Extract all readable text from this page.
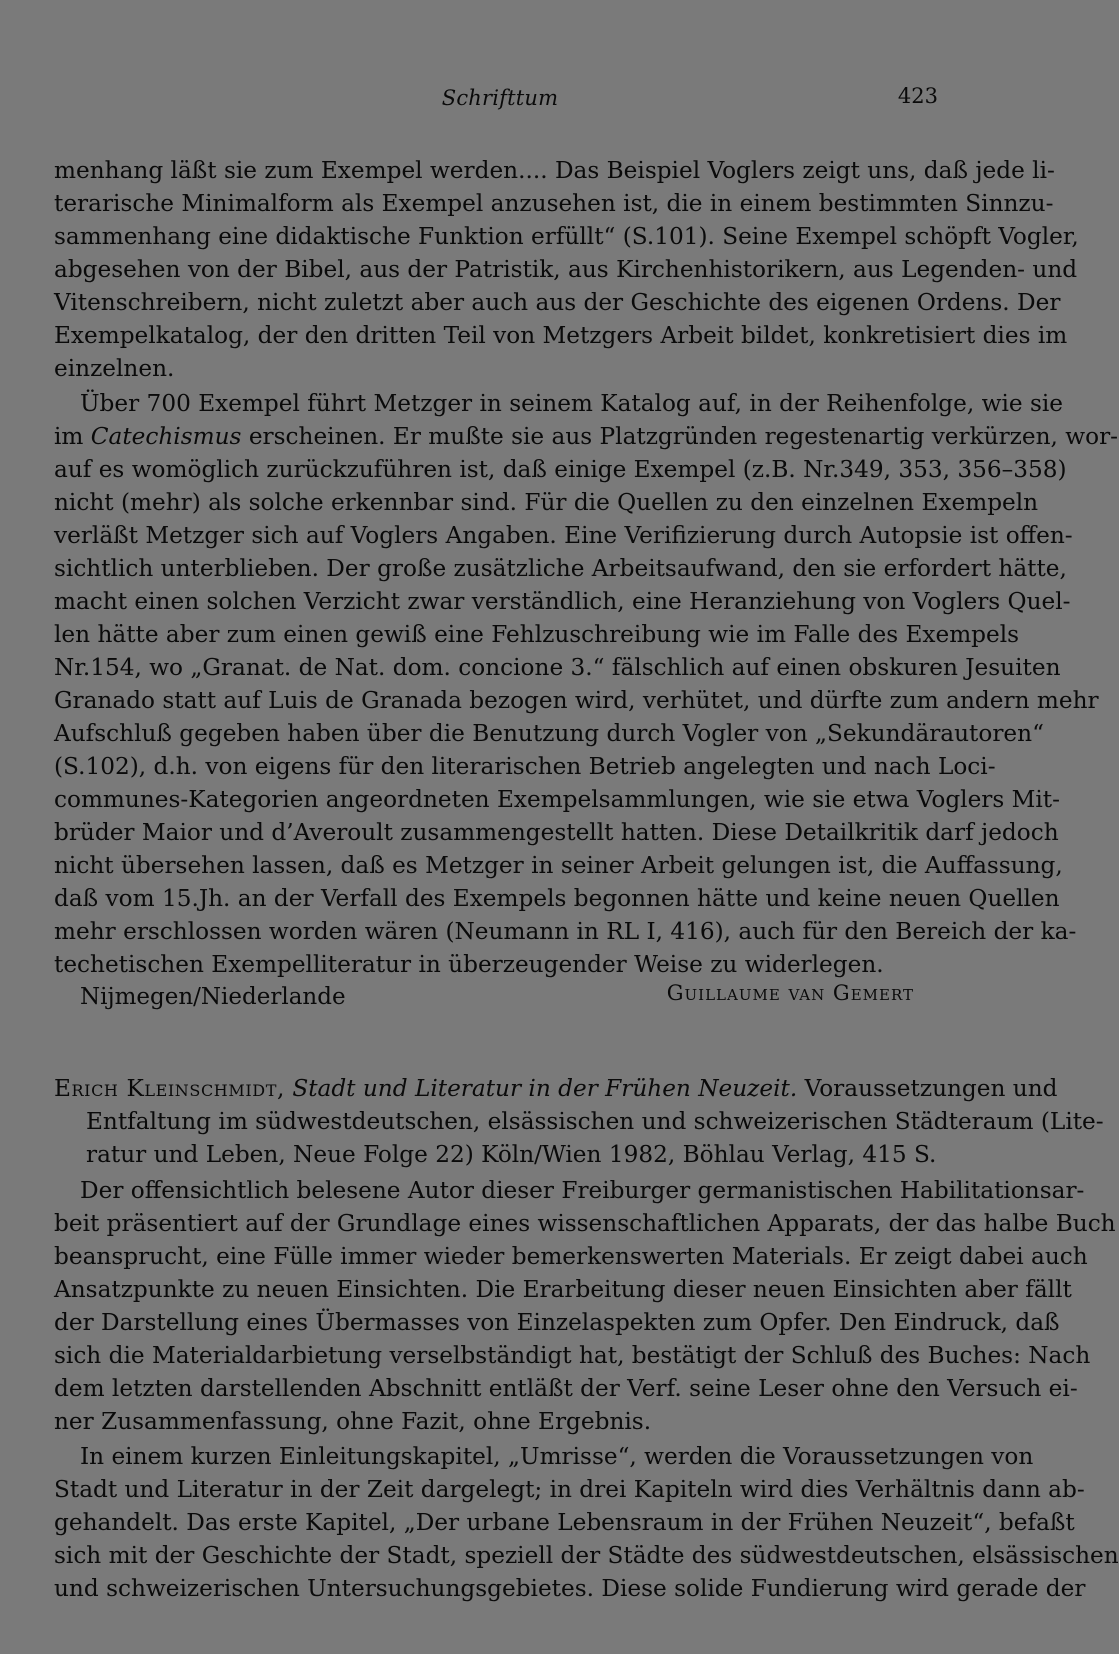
Schrifttum	423
menhang läßt sie zum Exempel werden.... Das Beispiel Voglers zeigt uns, daß jede li-
terarische Minimalform als Exempel anzusehen ist, die in einem bestimmten Sinnzu-
sammenhang eine didaktische Funktion erfüllt“ (S.101). Seine Exempel schöpft Vogler,
abgesehen von der Bibel, aus der Patristik, aus Kirchenhistorikern, aus Legenden- und
Vitenschreibern, nicht zuletzt aber auch aus der Geschichte des eigenen Ordens. Der
Exempelkatalog, der den dritten Teil von Metzgers Arbeit bildet, konkretisiert dies im
einzelnen.
Über 700 Exempel führt Metzger in seinem Katalog auf, in der Reihenfolge, wie sie
im Catechismus erscheinen. Er mußte sie aus Platzgründen regestenartig verkürzen, wor-
auf es womöglich zurückzuführen ist, daß einige Exempel (z.B. Nr.349, 353, 356–358)
nicht (mehr) als solche erkennbar sind. Für die Quellen zu den einzelnen Exempeln
verläßt Metzger sich auf Voglers Angaben. Eine Verifizierung durch Autopsie ist offen-
sichtlich unterblieben. Der große zusätzliche Arbeitsaufwand, den sie erfordert hätte,
macht einen solchen Verzicht zwar verständlich, eine Heranziehung von Voglers Quel-
len hätte aber zum einen gewiß eine Fehlzuschreibung wie im Falle des Exempels
Nr.154, wo „Granat. de Nat. dom. concione 3.“ fälschlich auf einen obskuren Jesuiten
Granado statt auf Luis de Granada bezogen wird, verhütet, und dürfte zum andern mehr
Aufschluß gegeben haben über die Benutzung durch Vogler von „Sekundärautoren“
(S.102), d.h. von eigens für den literarischen Betrieb angelegten und nach Loci-
communes-Kategorien angeordneten Exempelsammlungen, wie sie etwa Voglers Mit-
brüder Maior und d’Averoult zusammengestellt hatten. Diese Detailkritik darf jedoch
nicht übersehen lassen, daß es Metzger in seiner Arbeit gelungen ist, die Auffassung,
daß vom 15.Jh. an der Verfall des Exempels begonnen hätte und keine neuen Quellen
mehr erschlossen worden wären (Neumann in RL I, 416), auch für den Bereich der ka-
techetischen Exempelliteratur in überzeugender Weise zu widerlegen.
Nijmegen/Niederlande	Guillaume van Gemert
Erich Kleinschmidt, Stadt und Literatur in der Frühen Neuzeit. Voraussetzungen und
Entfaltung im südwestdeutschen, elsässischen und schweizerischen Städteraum (Lite-
ratur und Leben, Neue Folge 22) Köln/Wien 1982, Böhlau Verlag, 415 S.
Der offensichtlich belesene Autor dieser Freiburger germanistischen Habilitationsar-
beit präsentiert auf der Grundlage eines wissenschaftlichen Apparats, der das halbe Buch
beansprucht, eine Fülle immer wieder bemerkenswerten Materials. Er zeigt dabei auch
Ansatzpunkte zu neuen Einsichten. Die Erarbeitung dieser neuen Einsichten aber fällt
der Darstellung eines Übermasses von Einzelaspekten zum Opfer. Den Eindruck, daß
sich die Materialdarbietung verselbständigt hat, bestätigt der Schluß des Buches: Nach
dem letzten darstellenden Abschnitt entläßt der Verf. seine Leser ohne den Versuch ei-
ner Zusammenfassung, ohne Fazit, ohne Ergebnis.
In einem kurzen Einleitungskapitel, „Umrisse“, werden die Voraussetzungen von
Stadt und Literatur in der Zeit dargelegt; in drei Kapiteln wird dies Verhältnis dann ab-
gehandelt. Das erste Kapitel, „Der urbane Lebensraum in der Frühen Neuzeit“, befaßt
sich mit der Geschichte der Stadt, speziell der Städte des südwestdeutschen, elsässischen
und schweizerischen Untersuchungsgebietes. Diese solide Fundierung wird gerade der
